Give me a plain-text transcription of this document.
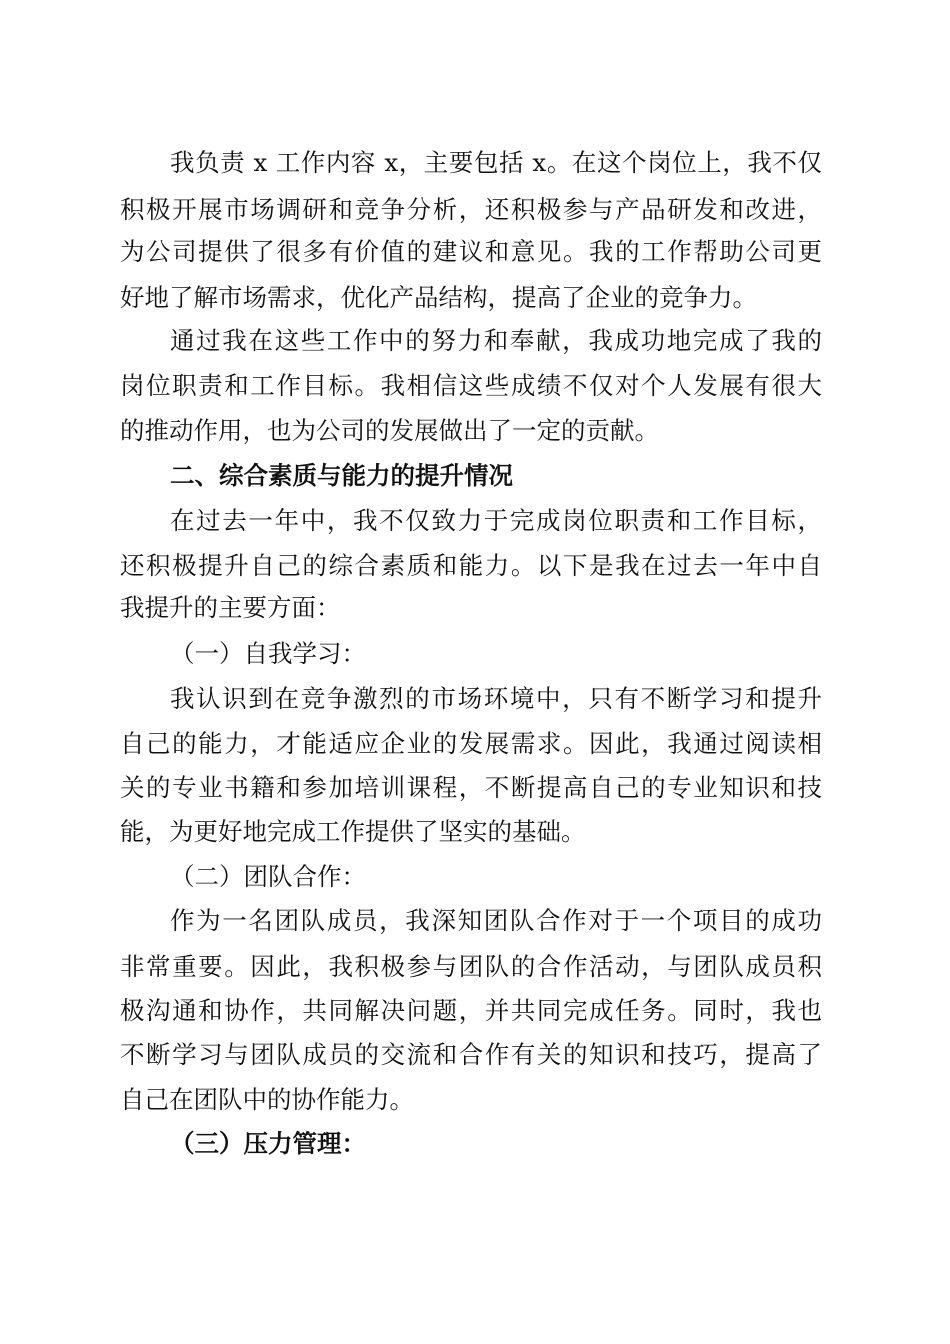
我负责 x 工作内容 x，主要包括 x。在这个岗位上，我不仅
积极开展市场调研和竞争分析，还积极参与产品研发和改进，
为公司提供了很多有价值的建议和意见。我的工作帮助公司更
好地了解市场需求，优化产品结构，提高了企业的竞争力。
通过我在这些工作中的努力和奉献，我成功地完成了我的
岗位职责和工作目标。我相信这些成绩不仅对个人发展有很大
的推动作用，也为公司的发展做出了一定的贡献。
二、综合素质与能力的提升情况
在过去一年中，我不仅致力于完成岗位职责和工作目标，
还积极提升自己的综合素质和能力。以下是我在过去一年中自
我提升的主要方面：
（一）自我学习：
我认识到在竞争激烈的市场环境中，只有不断学习和提升
自己的能力，才能适应企业的发展需求。因此，我通过阅读相
关的专业书籍和参加培训课程，不断提高自己的专业知识和技
能，为更好地完成工作提供了坚实的基础。
（二）团队合作：
作为一名团队成员，我深知团队合作对于一个项目的成功
非常重要。因此，我积极参与团队的合作活动，与团队成员积
极沟通和协作，共同解决问题，并共同完成任务。同时，我也
不断学习与团队成员的交流和合作有关的知识和技巧，提高了
自己在团队中的协作能力。
（三）压力管理：
